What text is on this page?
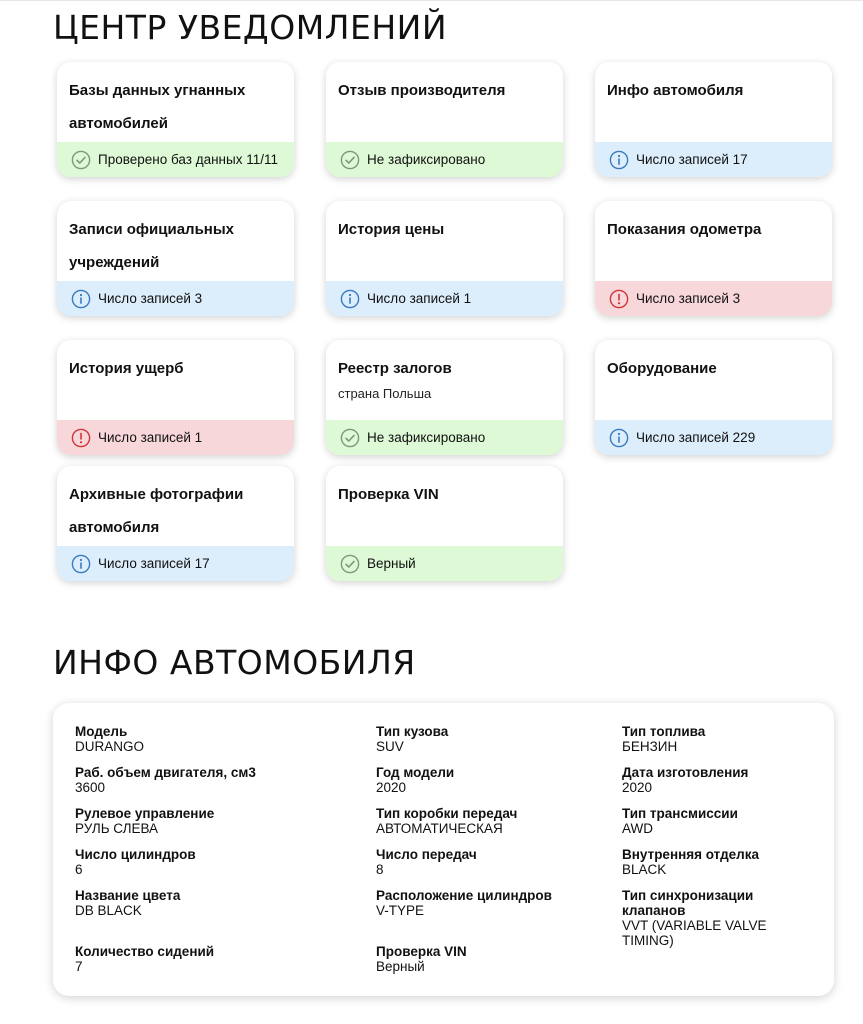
ЦЕНТР УВЕДОМЛЕНИЙ
Базы данных угнанных автомобилей
Проверено баз данных 11/11
Отзыв производителя
Не зафиксировано
Инфо автомобиля
Число записей 17
Записи официальных учреждений
Число записей 3
История цены
Число записей 1
Показания одометра
Число записей 3
История ущерб
Число записей 1
Реестр залогов
страна Польша
Не зафиксировано
Оборудование
Число записей 229
Архивные фотографии автомобиля
Число записей 17
Проверка VIN
Верный
ИНФО АВТОМОБИЛЯ
Модель
DURANGO
Тип кузова
SUV
Тип топлива
БЕНЗИН
Раб. объем двигателя, см3
3600
Год модели
2020
Дата изготовления
2020
Рулевое управление
РУЛЬ СЛЕВА
Тип коробки передач
АВТОМАТИЧЕСКАЯ
Тип трансмиссии
AWD
Число цилиндров
6
Число передач
8
Внутренняя отделка
BLACK
Название цвета
DB BLACK
Расположение цилиндров
V-TYPE
Тип синхронизации клапанов
VVT (VARIABLE VALVE TIMING)
Количество сидений
7
Проверка VIN
Верный
